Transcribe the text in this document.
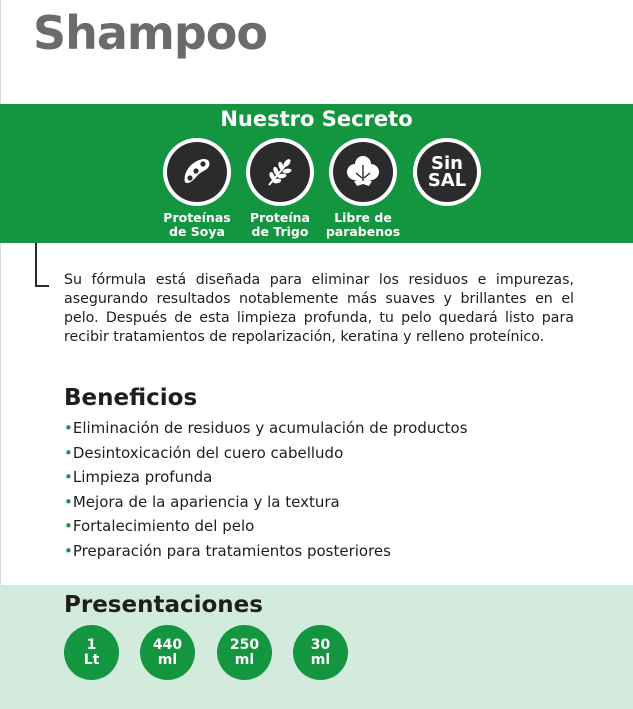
Shampoo
Nuestro Secreto
Proteínas
de Soya
Proteína
de Trigo
Libre de
parabenos
Sin
SAL

Su fórmula está diseñada para eliminar los residuos e impurezas, asegurando resultados notablemente más suaves y brillantes en el pelo. Después de esta limpieza profunda, tu pelo quedará listo para recibir tratamientos de repolarización, keratina y relleno proteínico.

Beneficios
•Eliminación de residuos y acumulación de productos
•Desintoxicación del cuero cabelludo
•Limpieza profunda
•Mejora de la apariencia y la textura
•Fortalecimiento del pelo
•Preparación para tratamientos posteriores
Presentaciones
1
Lt
440
ml
250
ml
30
ml
